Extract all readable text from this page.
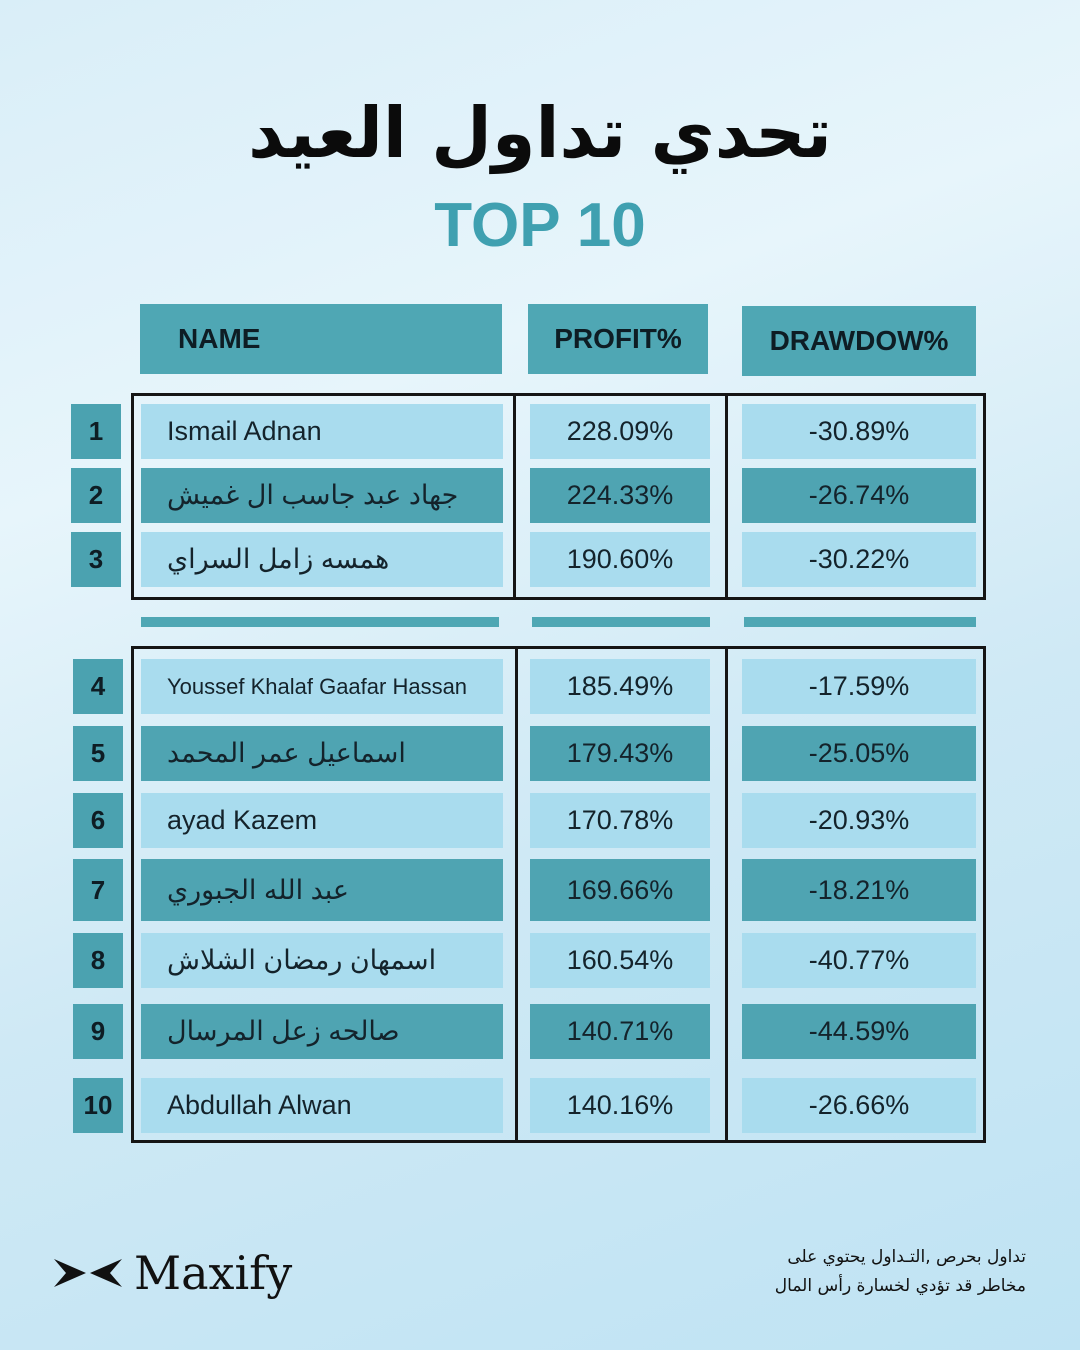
تحدي تداول العيد
TOP 10
NAME	PROFIT%	DRAWDOW%
1	Ismail Adnan	228.09%	-30.89%
2	جهاد عبد جاسب ال غميش	224.33%	-26.74%
3	همسه زامل السراي	190.60%	-30.22%
4	Youssef Khalaf Gaafar Hassan	185.49%	-17.59%
5	اسماعيل عمر المحمد	179.43%	-25.05%
6	ayad Kazem	170.78%	-20.93%
7	عبد الله الجبوري	169.66%	-18.21%
8	اسمهان رمضان الشلاش	160.54%	-40.77%
9	صالحه زعل المرسال	140.71%	-44.59%
10	Abdullah Alwan	140.16%	-26.66%
Maxify	تداول بحرص ,التـداول يحتوي على
مخاطر قد تؤدي لخسارة رأس المال
